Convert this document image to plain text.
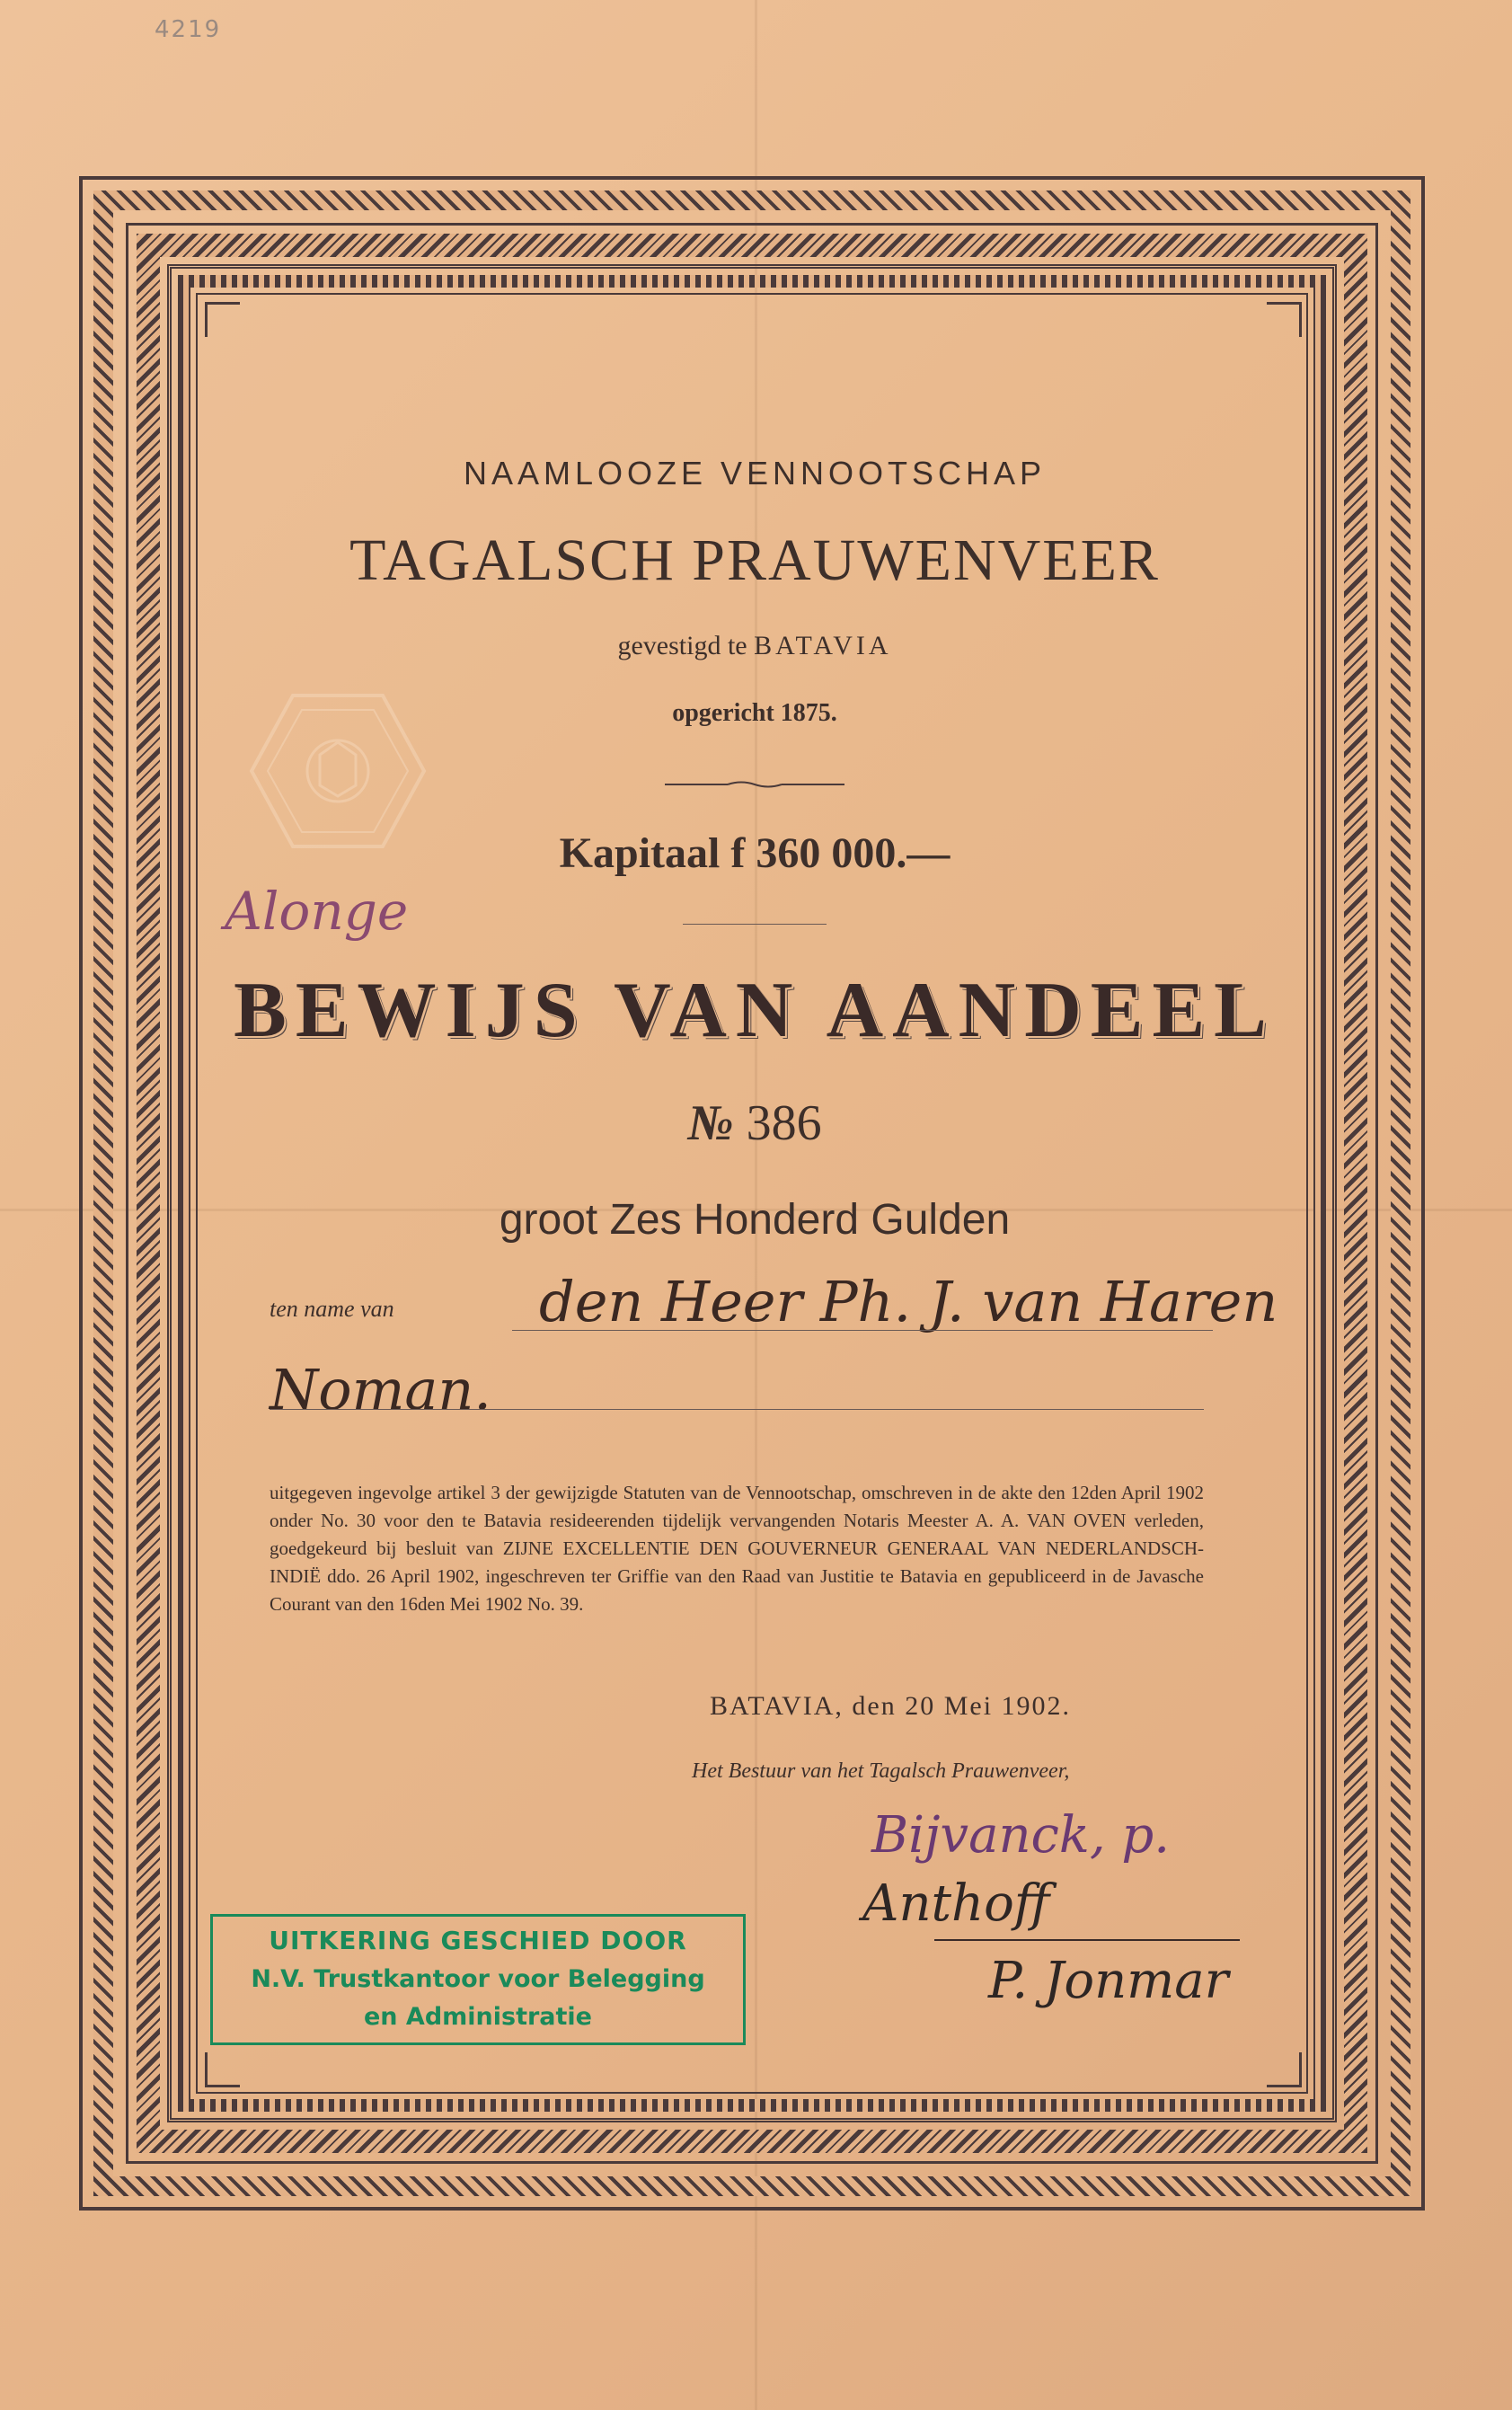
4219
NAAMLOOZE VENNOOTSCHAP
TAGALSCH PRAUWENVEER
gevestigd te BATAVIA
opgericht 1875.
Kapitaal f 360 000.—
BEWIJS VAN AANDEEL
№ 386
groot Zes Honderd Gulden
ten name van	den Heer Ph. J. van Haren
Noman.
uitgegeven ingevolge artikel 3 der gewijzigde Statuten van de Vennootschap, omschreven in de akte den 12den April 1902 onder No. 30 voor den te Batavia resideerenden tijdelijk vervangenden Notaris Meester A. A. VAN OVEN verleden, goedgekeurd bij besluit van ZIJNE EXCELLENTIE DEN GOUVERNEUR GENERAAL VAN NEDERLANDSCH-INDIË ddo. 26 April 1902, ingeschreven ter Griffie van den Raad van Justitie te Batavia en gepubliceerd in de Javasche Courant van den 16den Mei 1902 No. 39.
BATAVIA, den 20 Mei 1902.
Het Bestuur van het Tagalsch Prauwenveer,
Bijvanck, p.
Anthoff
P. Jonmar
Alonge
UITKERING GESCHIED DOOR
N.V. Trustkantoor voor Belegging
en Administratie
